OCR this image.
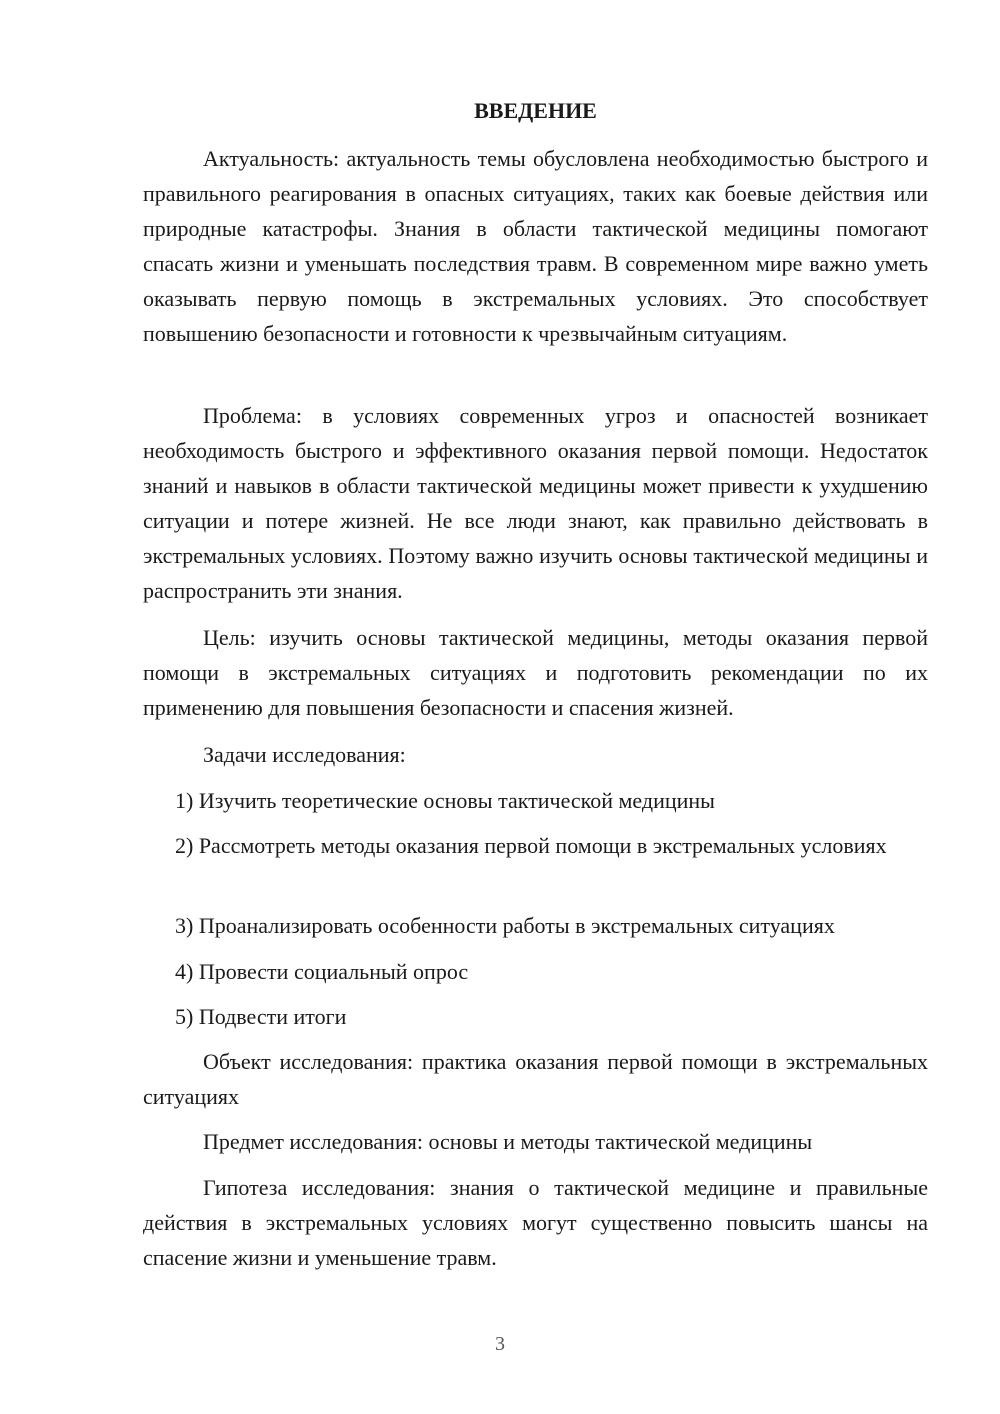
ВВЕДЕНИЕ

Актуальность: актуальность темы обусловлена необходимостью быстрого и правильного реагирования в опасных ситуациях, таких как боевые действия или природные катастрофы. Знания в области тактической медицины помогают спасать жизни и уменьшать последствия травм. В современном мире важно уметь оказывать первую помощь в экстремальных условиях. Это способствует повышению безопасности и готовности к чрезвычайным ситуациям.

Проблема: в условиях современных угроз и опасностей возникает необходимость быстрого и эффективного оказания первой помощи. Недостаток знаний и навыков в области тактической медицины может привести к ухудшению ситуации и потере жизней. Не все люди знают, как правильно действовать в экстремальных условиях. Поэтому важно изучить основы тактической медицины и распространить эти знания.

Цель: изучить основы тактической медицины, методы оказания первой помощи в экстремальных ситуациях и подготовить рекомендации по их применению для повышения безопасности и спасения жизней.

Задачи исследования:

1) Изучить теоретические основы тактической медицины

2) Рассмотреть методы оказания первой помощи в экстремальных условиях

3) Проанализировать особенности работы в экстремальных ситуациях

4) Провести социальный опрос

5) Подвести итоги

Объект исследования: практика оказания первой помощи в экстремальных ситуациях

Предмет исследования: основы и методы тактической медицины

Гипотеза исследования: знания о тактической медицине и правильные действия в экстремальных условиях могут существенно повысить шансы на спасение жизни и уменьшение травм.

3
